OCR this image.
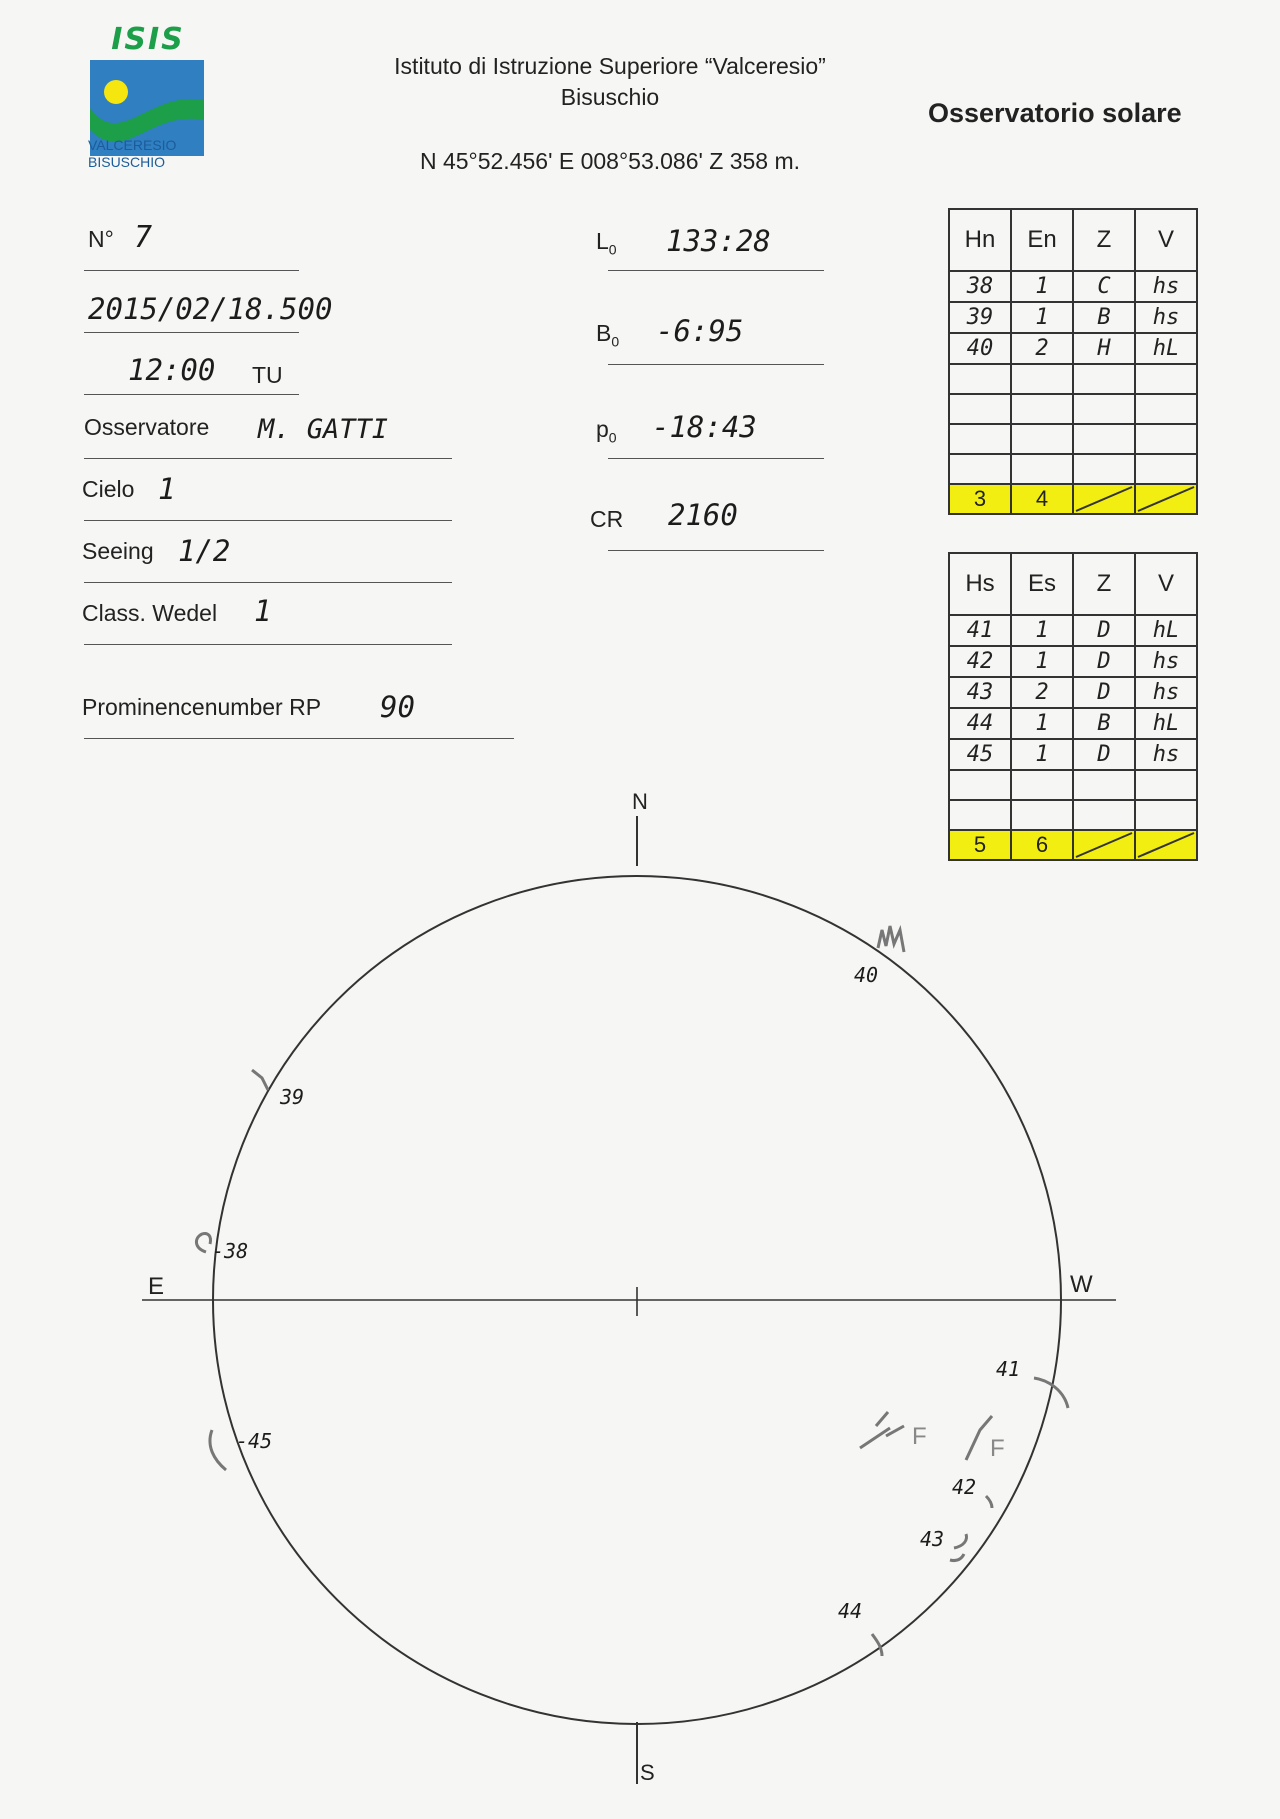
ISIS
VALCERESIO
BISUSCHIO
Istituto di Istruzione Superiore “Valceresio”
Bisuschio
N 45°52.456' E 008°53.086' Z 358 m.
Osservatorio solare
N° 7
2015/02/18.500
12:00 TU
Osservatore M. GATTI
Cielo 1
Seeing 1/2
Class. Wedel 1
Prominencenumber RP 90
$L_0$ 133:28
$B_0$ -6:95
$p_0$ -18:43
CR 2160
Hn	En	Z	V
38	1	C	hs
39	1	B	hs
40	2	H	hL

3	4	

Hs	Es	Z	V
41	1	D	hL
42	1	D	hs
43	2	D	hs
44	1	B	hL
45	1	D	hs

5	6	

N
S
E	W
40
39
-38
-45
41
42
43
44
F	F
